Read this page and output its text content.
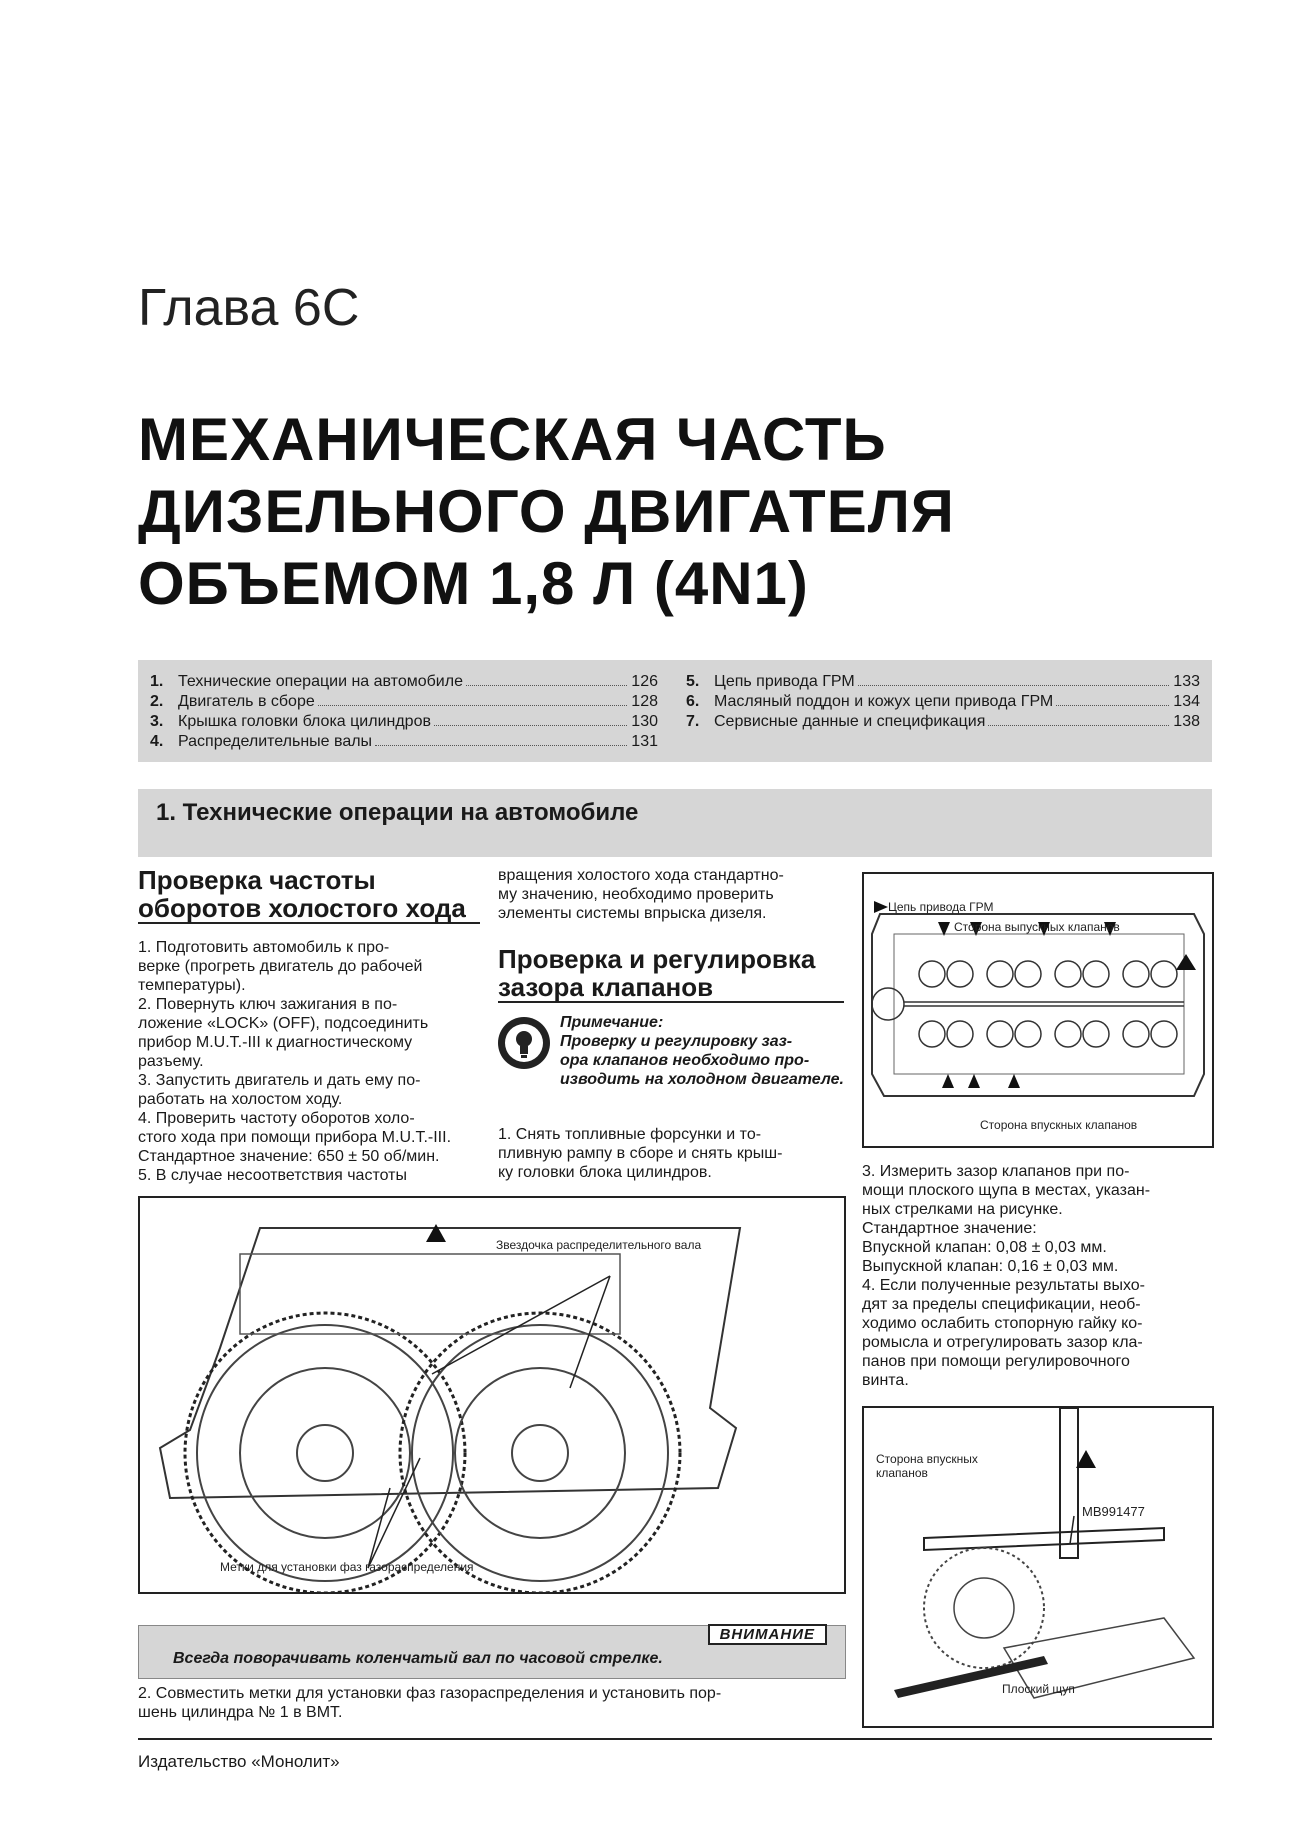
Глава 6С
МЕХАНИЧЕСКАЯ ЧАСТЬ
ДИЗЕЛЬНОГО ДВИГАТЕЛЯ
ОБЪЕМОМ 1,8 Л (4N1)
1. Технические операции на автомобиле	126
2. Двигатель в сборе	128
3. Крышка головки блока цилиндров	130
4. Распределительные валы	131
5. Цепь привода ГРМ	133
6. Масляный поддон и кожух цепи привода ГРМ	134
7. Сервисные данные и спецификация	138
1. Технические операции на автомобиле
Проверка частоты
оборотов холостого хода
1. Подготовить автомобиль к про-
верке (прогреть двигатель до рабочей
температуры).
2. Повернуть ключ зажигания в по-
ложение «LOCK» (OFF), подсоединить
прибор M.U.T.-III к диагностическому
разъему.
3. Запустить двигатель и дать ему по-
работать на холостом ходу.
4. Проверить частоту оборотов холо-
стого хода при помощи прибора M.U.T.-III.
Стандартное значение: 650 ± 50 об/мин.
5. В случае несоответствия частоты
вращения холостого хода стандартно-
му значению, необходимо проверить
элементы системы впрыска дизеля.
Проверка и регулировка
зазора клапанов
Примечание:
Проверку и регулировку заз-
ора клапанов необходимо про-
изводить на холодном двигателе.
1. Снять топливные форсунки и то-
пливную рампу в сборе и снять крыш-
ку головки блока цилиндров.
Цепь привода ГРМ
Сторона выпускных клапанов
Сторона впускных клапанов
3. Измерить зазор клапанов при по-
мощи плоского щупа в местах, указан-
ных стрелками на рисунке.
Стандартное значение:
Впускной клапан: 0,08 ± 0,03 мм.
Выпускной клапан: 0,16 ± 0,03 мм.
4. Если полученные результаты выхо-
дят за пределы спецификации, необ-
ходимо ослабить стопорную гайку ко-
ромысла и отрегулировать зазор кла-
панов при помощи регулировочного
винта.
Звездочка распределительного вала
Метки для установки фаз газораспределения
Сторона впускных
клапанов
MB991477
Плоский щуп
ВНИМАНИЕ
Всегда поворачивать коленчатый вал по часовой стрелке.
2. Совместить метки для установки фаз газораспределения и установить пор-
шень цилиндра № 1 в ВМТ.
Издательство «Монолит»
